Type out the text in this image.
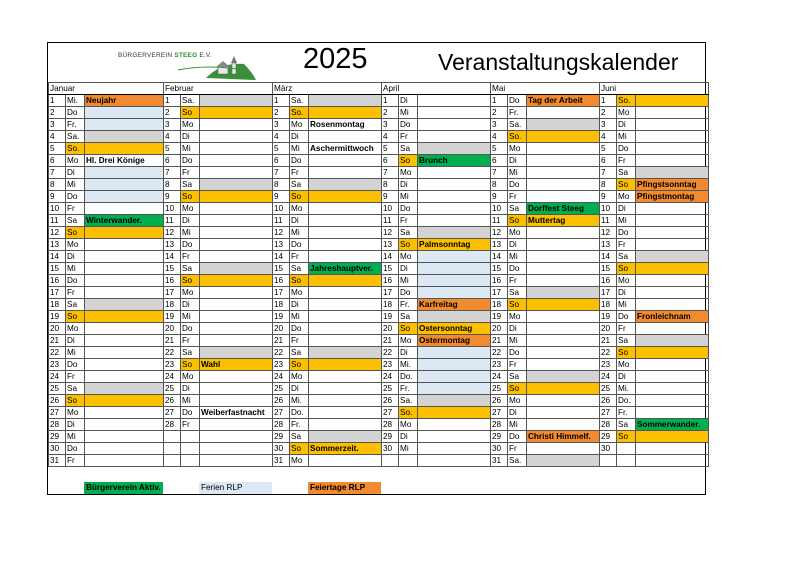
BÜRGERVEREIN STEEG E.V.	2025	Veranstaltungskalender
Januar			Februar			März			April			Mai			Juni		
1	Mi.	Neujahr	1	Sa.		1	Sa.		1	Di		1	Do	Tag der Arbeit	1	So.	
2	Do		2	So		2	So.		2	Mi		2	Fr.		2	Mo	
3	Fr.		3	Mo		3	Mo	Rosenmontag	3	Do		3	Sa.		3	Di	
4	Sa.		4	Di		4	Di		4	Fr		4	So.		4	Mi	
5	So.		5	Mi		5	Mi	Aschermittwoch	5	Sa		5	Mo		5	Do	
6	Mo	Hl. Drei Könige	6	Do		6	Do		6	So	Brunch	6	Di		6	Fr	
7	Di		7	Fr		7	Fr		7	Mo		7	Mi		7	Sa	
8	Mi		8	Sa		8	Sa		8	Di		8	Do		8	So	Pfingstsonntag
9	Do		9	So		9	So		9	Mi		9	Fr		9	Mo	Pfingstmontag
10	Fr		10	Mo		10	Mo		10	Do		10	Sa	Dorffest Steeg	10	Di	
11	Sa	Winterwander.	11	Di		11	Di		11	Fr		11	So	Muttertag	11	Mi	
12	So		12	Mi		12	Mi		12	Sa		12	Mo		12	Do	
13	Mo		13	Do		13	Do		13	So	Palmsonntag	13	Di		13	Fr	
14	Di		14	Fr		14	Fr		14	Mo		14	Mi		14	Sa	
15	Mi		15	Sa		15	Sa	Jahreshauptver.	15	Di		15	Do		15	So	
16	Do		16	So		16	So		16	Mi		16	Fr		16	Mo	
17	Fr		17	Mo		17	Mo		17	Do		17	Sa		17	Di	
18	Sa		18	Di		18	Di		18	Fr.	Karfreitag	18	So		18	Mi	
19	So		19	Mi		19	Mi		19	Sa		19	Mo		19	Do	Fronleichnam
20	Mo		20	Do		20	Do		20	So	Ostersonntag	20	Di		20	Fr	
21	Di		21	Fr		21	Fr		21	Mo	Ostermontag	21	Mi		21	Sa	
22	Mi		22	Sa		22	Sa		22	Di		22	Do		22	So	
23	Do		23	So	Wahl	23	So		23	Mi.		23	Fr		23	Mo	
24	Fr		24	Mo		24	Mo		24	Do.		24	Sa		24	Di	
25	Sa		25	Di		25	Di		25	Fr.		25	So		25	Mi.	
26	So		26	Mi		26	Mi.		26	Sa.		26	Mo		26	Do.	
27	Mo		27	Do	Weiberfastnacht	27	Do.		27	So.		27	Di		27	Fr.	
28	Di		28	Fr		28	Fr.		28	Mo		28	Mi		28	Sa	Sommerwander.
29	Mi					29	Sa		29	Di		29	Do	Christi Himmelf.	29	So	
30	Do					30	So	Sommerzeit.	30	Mi		30	Fr		30		
31	Fr					31	Mo					31	Sa.				
Bürgerverein Aktiv.	Ferien RLP	Feiertage RLP
